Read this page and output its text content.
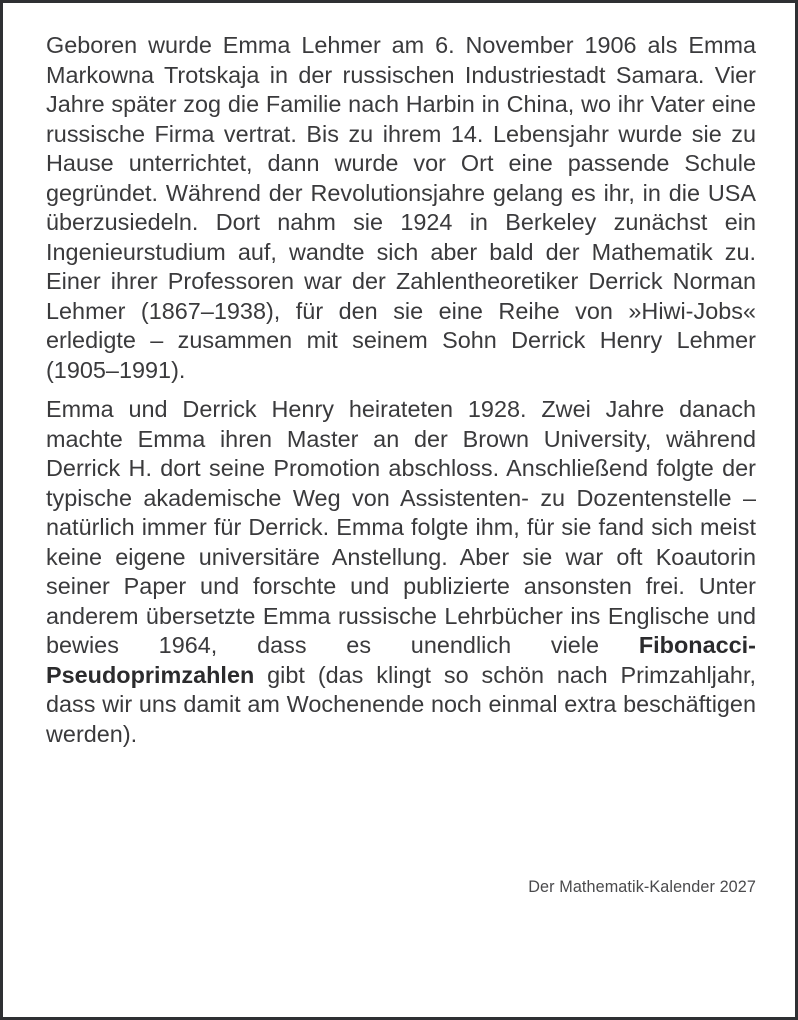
Geboren wurde Emma Lehmer am 6. November 1906 als Emma Markowna Trotskaja in der russischen Industriestadt Samara. Vier Jahre später zog die Familie nach Harbin in China, wo ihr Vater eine russische Firma vertrat. Bis zu ihrem 14. Lebensjahr wurde sie zu Hause unterrichtet, dann wurde vor Ort eine passende Schule gegründet. Während der Revolutionsjahre gelang es ihr, in die USA überzusiedeln. Dort nahm sie 1924 in Berkeley zunächst ein Ingenieurstudium auf, wandte sich aber bald der Mathematik zu. Einer ihrer Professoren war der Zahlentheoretiker Derrick Norman Lehmer (1867–1938), für den sie eine Reihe von »Hiwi-Jobs« erledigte – zusammen mit seinem Sohn Derrick Henry Lehmer (1905–1991).

Emma und Derrick Henry heirateten 1928. Zwei Jahre danach machte Emma ihren Master an der Brown University, während Derrick H. dort seine Promotion abschloss. Anschließend folgte der typische akademische Weg von Assistenten- zu Dozentenstelle – natürlich immer für Derrick. Emma folgte ihm, für sie fand sich meist keine eigene universitäre Anstellung. Aber sie war oft Koautorin seiner Paper und forschte und publizierte ansonsten frei. Unter anderem übersetzte Emma russische Lehrbücher ins Englische und bewies 1964, dass es unendlich viele Fibonacci-Pseudoprimzahlen gibt (das klingt so schön nach Primzahljahr, dass wir uns damit am Wochenende noch einmal extra beschäftigen werden).

Der Mathematik-Kalender 2027
